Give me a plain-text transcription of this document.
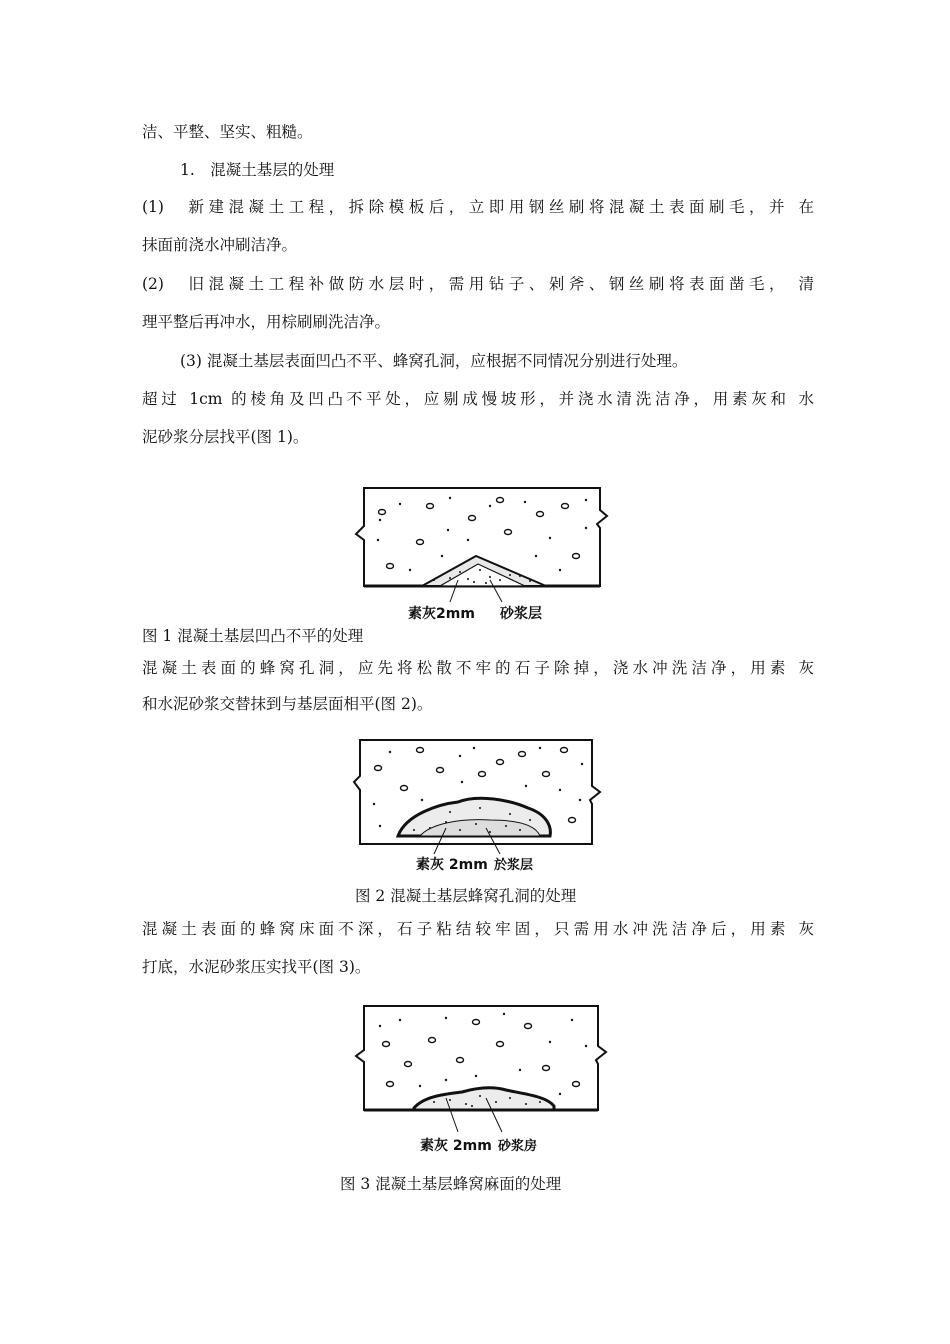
洁、平整、坚实、粗糙。
1.　混凝土基层的处理
(1)　新建混凝土工程，拆除模板后，立即用钢丝刷将混凝土表面刷毛，并 在
抹面前浇水冲刷洁净。
(2)　旧混凝土工程补做防水层时，需用钻子、剁斧、钢丝刷将表面凿毛， 清
理平整后再冲水，用棕刷刷洗洁净。
(3) 混凝土基层表面凹凸不平、蜂窝孔洞，应根据不同情况分别进行处理。
超过 1cm 的棱角及凹凸不平处，应剔成慢坡形，并浇水清洗洁净，用素灰和 水
泥砂浆分层找平(图 1)。
素灰2mm 砂浆层
图 1 混凝土基层凹凸不平的处理
混凝土表面的蜂窝孔洞，应先将松散不牢的石子除掉，浇水冲洗洁净，用素 灰
和水泥砂浆交替抹到与基层面相平(图 2)。
素灰 2mm 於浆层
图 2 混凝土基层蜂窝孔洞的处理
混凝土表面的蜂窝床面不深，石子粘结较牢固，只需用水冲洗洁净后，用素 灰
打底，水泥砂浆压实找平(图 3)。
素灰 2mm 砂浆房
图 3 混凝土基层蜂窝麻面的处理
